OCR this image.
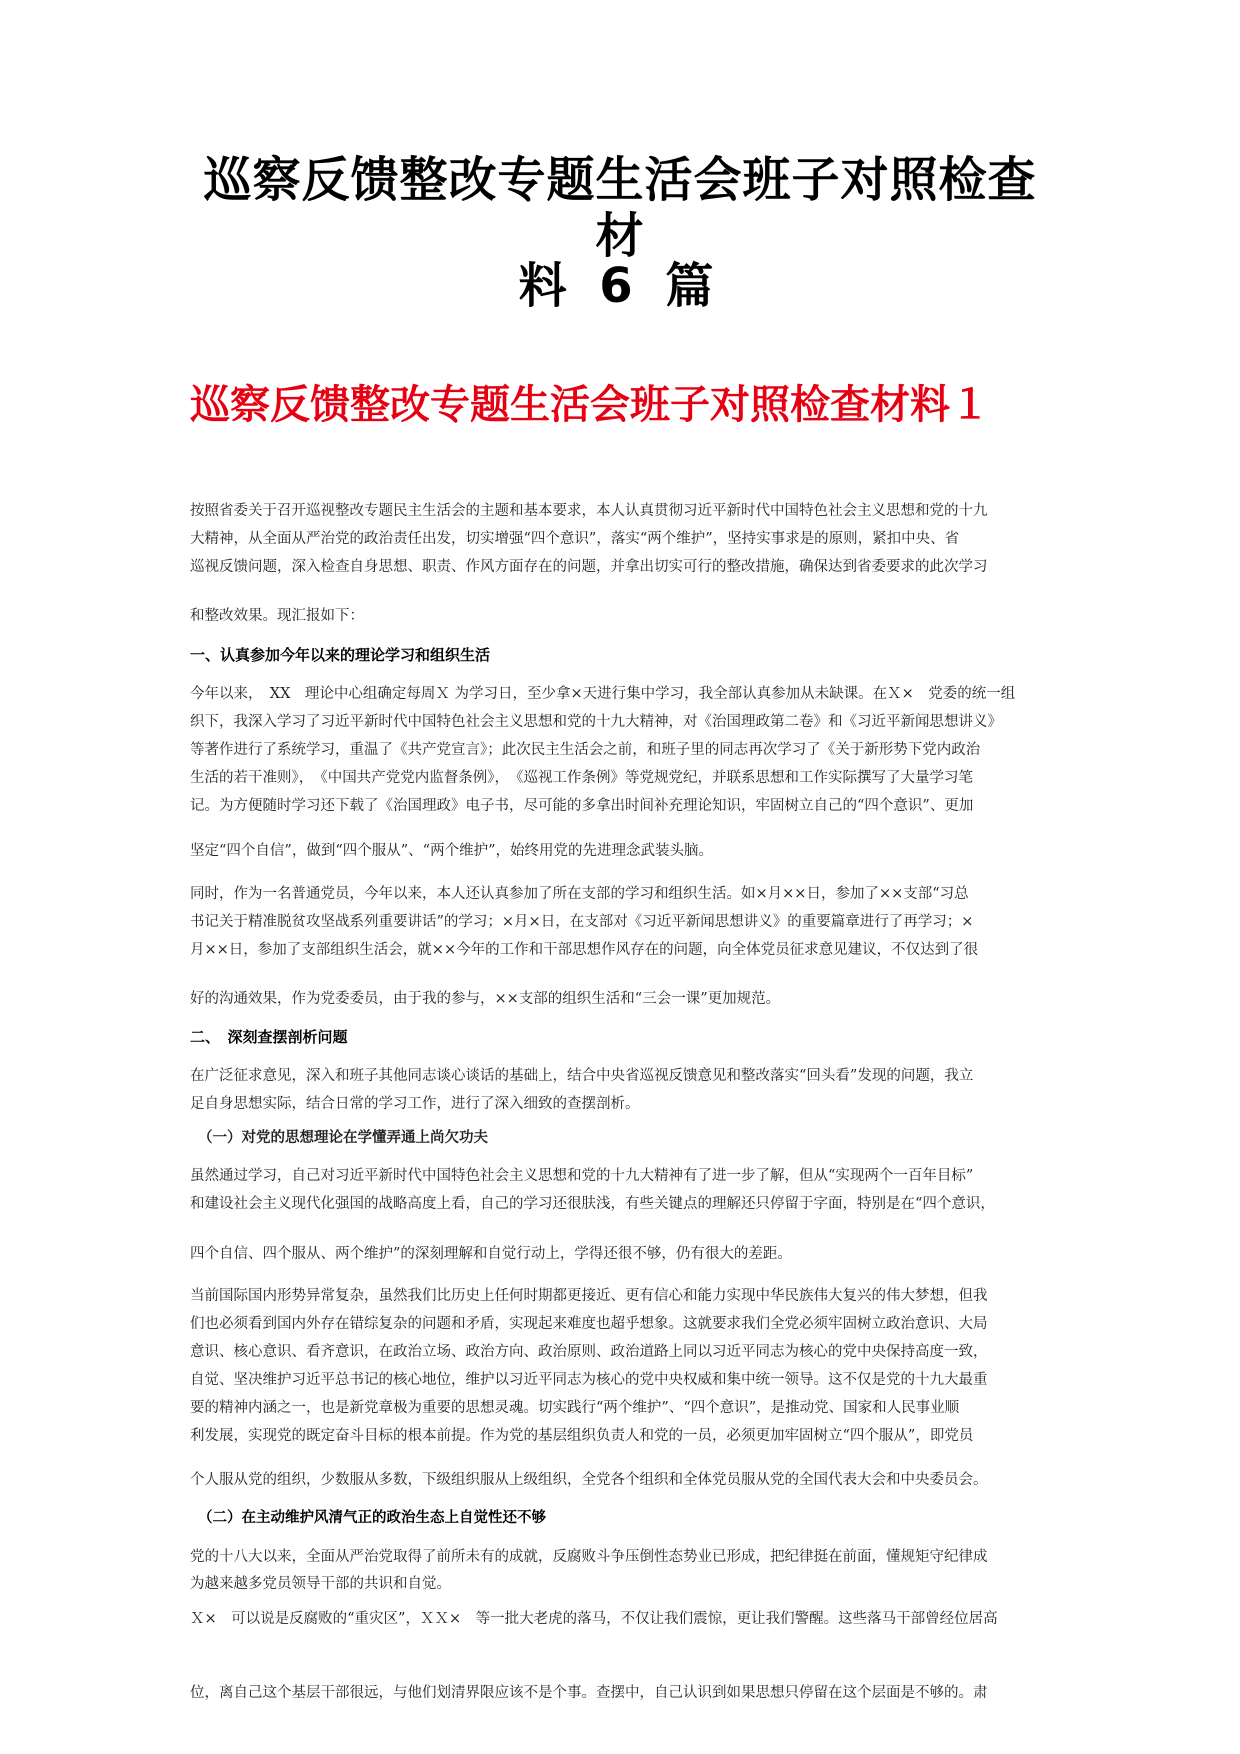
巡察反馈整改专题生活会班子对照检查材
料 6 篇
巡察反馈整改专题生活会班子对照检查材料１
按照省委关于召开巡视整改专题民主生活会的主题和基本要求，本人认真贯彻习近平新时代中国特色社会主义思想和党的十九
大精神，从全面从严治党的政治责任出发，切实增强“四个意识”，落实“两个维护”，坚持实事求是的原则，紧扣中央、省
巡视反馈问题，深入检查自身思想、职责、作风方面存在的问题，并拿出切实可行的整改措施，确保达到省委要求的此次学习
和整改效果。现汇报如下：
一、认真参加今年以来的理论学习和组织生活
今年以来，　XX　理论中心组确定每周Ｘ 为学习日，至少拿×天进行集中学习，我全部认真参加从未缺课。在Ｘ×　党委的统一组
织下，我深入学习了习近平新时代中国特色社会主义思想和党的十九大精神，对《治国理政第二卷》和《习近平新闻思想讲义》
等著作进行了系统学习，重温了《共产党宣言》；此次民主生活会之前，和班子里的同志再次学习了《关于新形势下党内政治
生活的若干准则》，　《中国共产党党内监督条例》，　《巡视工作条例》等党规党纪，并联系思想和工作实际撰写了大量学习笔
记。为方便随时学习还下载了《治国理政》电子书，尽可能的多拿出时间补充理论知识，牢固树立自己的“四个意识”、更加
坚定“四个自信”，做到“四个服从”、“两个维护”，始终用党的先进理念武装头脑。
同时，作为一名普通党员，今年以来，本人还认真参加了所在支部的学习和组织生活。如×月××日，参加了××支部“习总
书记关于精准脱贫攻坚战系列重要讲话”的学习；×月×日，在支部对《习近平新闻思想讲义》的重要篇章进行了再学习；×
月××日，参加了支部组织生活会，就××今年的工作和干部思想作风存在的问题，向全体党员征求意见建议，不仅达到了很
好的沟通效果，作为党委委员，由于我的参与，××支部的组织生活和“三会一课”更加规范。
二、　深刻查摆剖析问题
在广泛征求意见，深入和班子其他同志谈心谈话的基础上，结合中央省巡视反馈意见和整改落实“回头看”发现的问题，我立
足自身思想实际，结合日常的学习工作，进行了深入细致的查摆剖析。
（一）对党的思想理论在学懂弄通上尚欠功夫
虽然通过学习，自己对习近平新时代中国特色社会主义思想和党的十九大精神有了进一步了解，但从“实现两个一百年目标”
和建设社会主义现代化强国的战略高度上看，自己的学习还很肤浅，有些关键点的理解还只停留于字面，特别是在“四个意识，
四个自信、四个服从、两个维护”的深刻理解和自觉行动上，学得还很不够，仍有很大的差距。
当前国际国内形势异常复杂，虽然我们比历史上任何时期都更接近、更有信心和能力实现中华民族伟大复兴的伟大梦想，但我
们也必须看到国内外存在错综复杂的问题和矛盾，实现起来难度也超乎想象。这就要求我们全党必须牢固树立政治意识、大局
意识、核心意识、看齐意识，在政治立场、政治方向、政治原则、政治道路上同以习近平同志为核心的党中央保持高度一致，
自觉、坚决维护习近平总书记的核心地位，维护以习近平同志为核心的党中央权威和集中统一领导。这不仅是党的十九大最重
要的精神内涵之一，也是新党章极为重要的思想灵魂。切实践行“两个维护”、“四个意识”，是推动党、国家和人民事业顺
利发展，实现党的既定奋斗目标的根本前提。作为党的基层组织负责人和党的一员，必须更加牢固树立“四个服从”，即党员
个人服从党的组织，少数服从多数，下级组织服从上级组织，全党各个组织和全体党员服从党的全国代表大会和中央委员会。
（二）在主动维护风清气正的政治生态上自觉性还不够
党的十八大以来，全面从严治党取得了前所未有的成就，反腐败斗争压倒性态势业已形成，把纪律挺在前面，懂规矩守纪律成
为越来越多党员领导干部的共识和自觉。
Ｘ×　可以说是反腐败的“重灾区”，ＸＸ×　等一批大老虎的落马，不仅让我们震惊，更让我们警醒。这些落马干部曾经位居高
位，离自己这个基层干部很远，与他们划清界限应该不是个事。查摆中，自己认识到如果思想只停留在这个层面是不够的。肃
